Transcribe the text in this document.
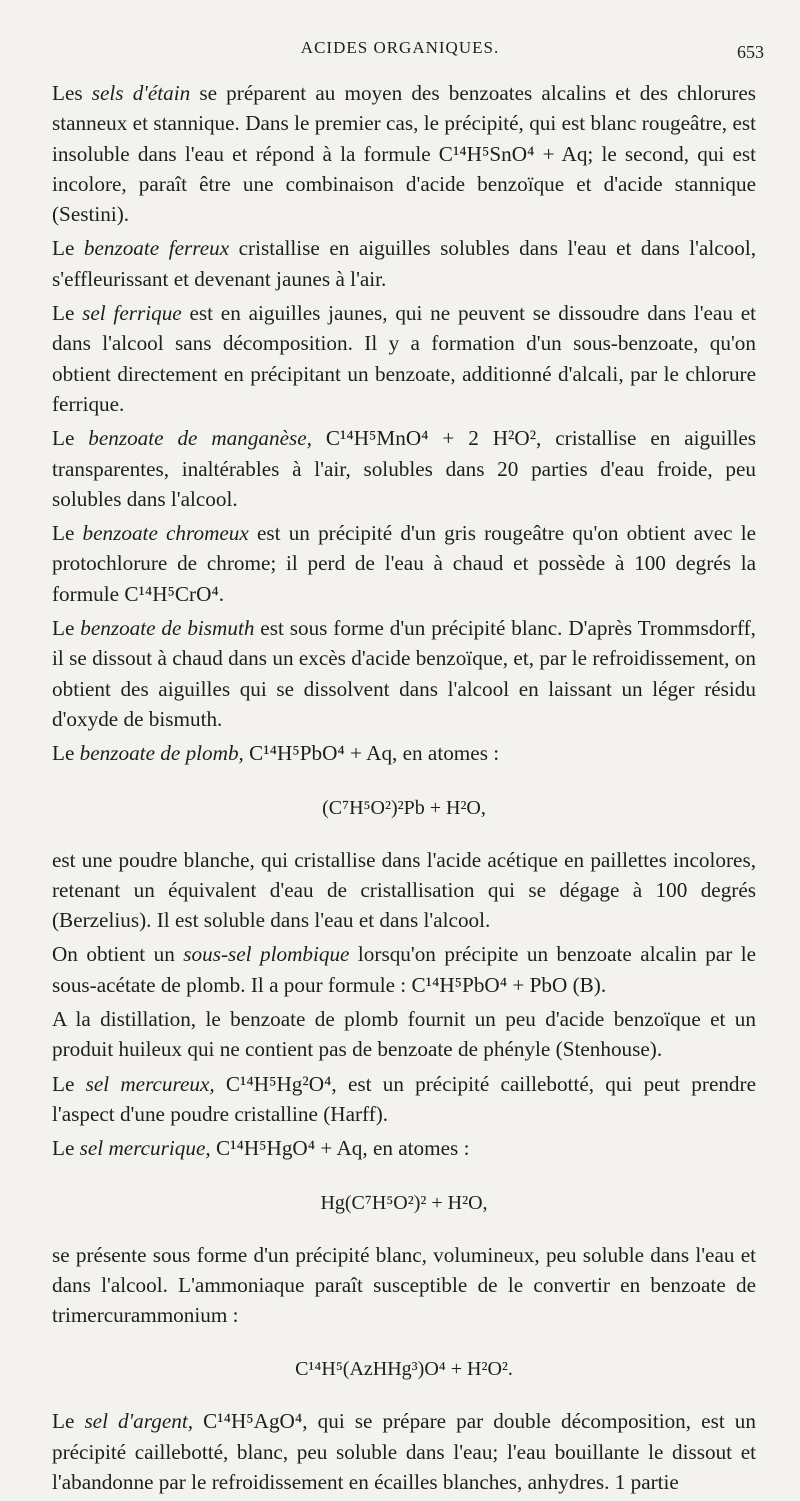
ACIDES ORGANIQUES.	653

Les sels d'étain se préparent au moyen des benzoates alcalins et des chlorures stanneux et stannique. Dans le premier cas, le précipité, qui est blanc rougeâtre, est insoluble dans l'eau et répond à la formule C¹⁴H⁵SnO⁴ + Aq; le second, qui est incolore, paraît être une combinaison d'acide benzoïque et d'acide stannique (Sestini).

Le benzoate ferreux cristallise en aiguilles solubles dans l'eau et dans l'alcool, s'effleurissant et devenant jaunes à l'air.

Le sel ferrique est en aiguilles jaunes, qui ne peuvent se dissoudre dans l'eau et dans l'alcool sans décomposition. Il y a formation d'un sous-benzoate, qu'on obtient directement en précipitant un benzoate, additionné d'alcali, par le chlorure ferrique.

Le benzoate de manganèse, C¹⁴H⁵MnO⁴ + 2 H²O², cristallise en aiguilles transparentes, inaltérables à l'air, solubles dans 20 parties d'eau froide, peu solubles dans l'alcool.

Le benzoate chromeux est un précipité d'un gris rougeâtre qu'on obtient avec le protochlorure de chrome; il perd de l'eau à chaud et possède à 100 degrés la formule C¹⁴H⁵CrO⁴.

Le benzoate de bismuth est sous forme d'un précipité blanc. D'après Trommsdorff, il se dissout à chaud dans un excès d'acide benzoïque, et, par le refroidissement, on obtient des aiguilles qui se dissolvent dans l'alcool en laissant un léger résidu d'oxyde de bismuth.

Le benzoate de plomb, C¹⁴H⁵PbO⁴ + Aq, en atomes :

(C⁷H⁵O²)²Pb + H²O,

est une poudre blanche, qui cristallise dans l'acide acétique en paillettes incolores, retenant un équivalent d'eau de cristallisation qui se dégage à 100 degrés (Berzelius). Il est soluble dans l'eau et dans l'alcool.

On obtient un sous-sel plombique lorsqu'on précipite un benzoate alcalin par le sous-acétate de plomb. Il a pour formule : C¹⁴H⁵PbO⁴ + PbO (B).

A la distillation, le benzoate de plomb fournit un peu d'acide benzoïque et un produit huileux qui ne contient pas de benzoate de phényle (Stenhouse).

Le sel mercureux, C¹⁴H⁵Hg²O⁴, est un précipité caillebotté, qui peut prendre l'aspect d'une poudre cristalline (Harff).

Le sel mercurique, C¹⁴H⁵HgO⁴ + Aq, en atomes :

Hg(C⁷H⁵O²)² + H²O,

se présente sous forme d'un précipité blanc, volumineux, peu soluble dans l'eau et dans l'alcool. L'ammoniaque paraît susceptible de le convertir en benzoate de trimercurammonium :

C¹⁴H⁵(AzHHg³)O⁴ + H²O².

Le sel d'argent, C¹⁴H⁵AgO⁴, qui se prépare par double décomposition, est un précipité caillebotté, blanc, peu soluble dans l'eau; l'eau bouillante le dissout et l'abandonne par le refroidissement en écailles blanches, anhydres. 1 partie
